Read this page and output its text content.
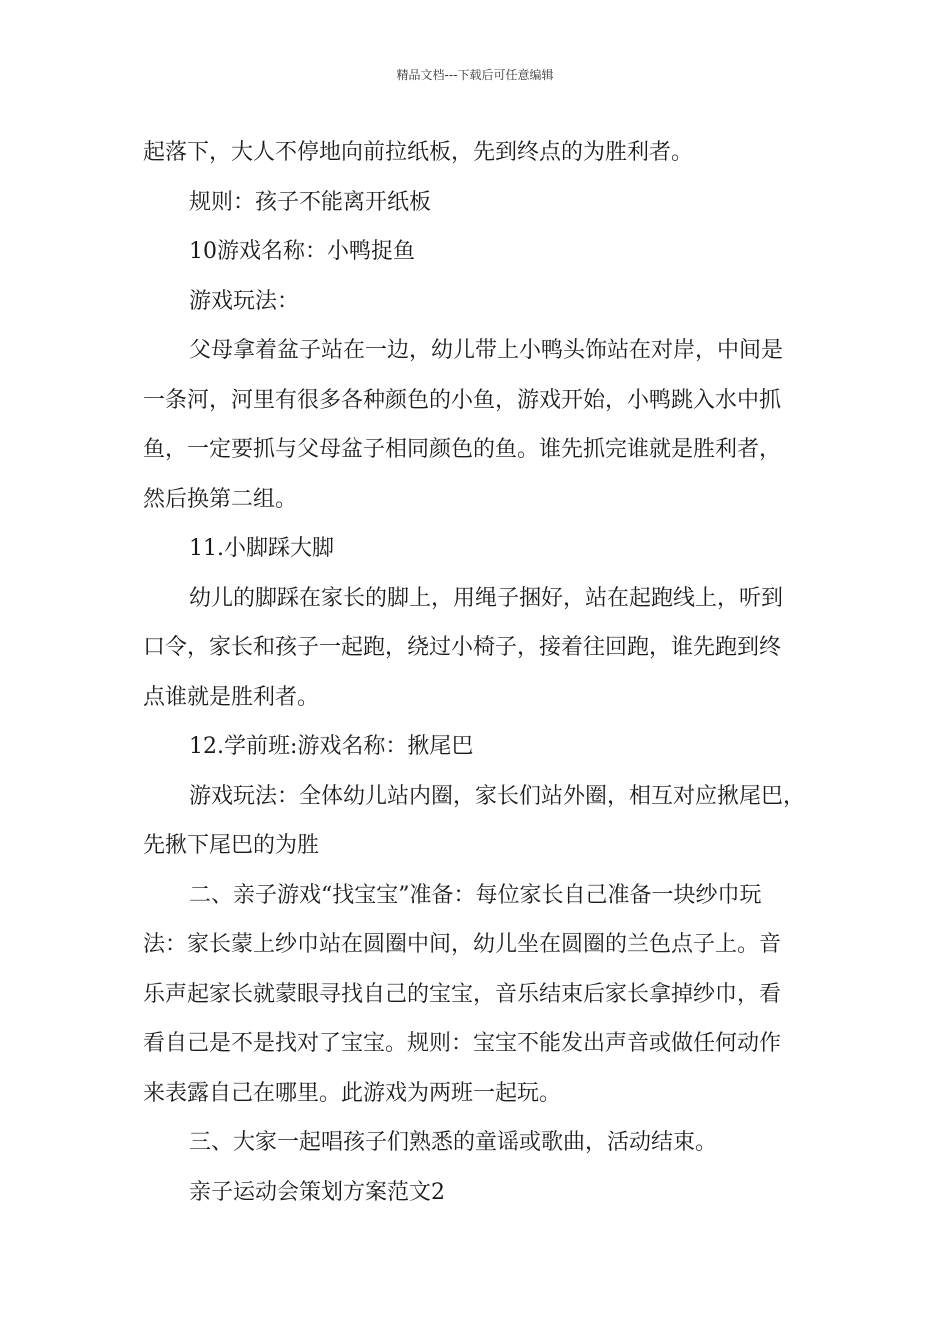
精品文档---下载后可任意编辑
起落下，大人不停地向前拉纸板，先到终点的为胜利者。
规则：孩子不能离开纸板
10游戏名称：小鸭捉鱼
游戏玩法：
父母拿着盆子站在一边，幼儿带上小鸭头饰站在对岸，中间是
一条河，河里有很多各种颜色的小鱼，游戏开始，小鸭跳入水中抓
鱼，一定要抓与父母盆子相同颜色的鱼。谁先抓完谁就是胜利者，
然后换第二组。
11.小脚踩大脚
幼儿的脚踩在家长的脚上，用绳子捆好，站在起跑线上，听到
口令，家长和孩子一起跑，绕过小椅子，接着往回跑，谁先跑到终
点谁就是胜利者。
12.学前班:游戏名称：揪尾巴
游戏玩法：全体幼儿站内圈，家长们站外圈，相互对应揪尾巴，
先揪下尾巴的为胜
二、亲子游戏“找宝宝”准备：每位家长自己准备一块纱巾玩
法：家长蒙上纱巾站在圆圈中间，幼儿坐在圆圈的兰色点子上。音
乐声起家长就蒙眼寻找自己的宝宝，音乐结束后家长拿掉纱巾，看
看自己是不是找对了宝宝。规则：宝宝不能发出声音或做任何动作
来表露自己在哪里。此游戏为两班一起玩。
三、大家一起唱孩子们熟悉的童谣或歌曲，活动结束。
亲子运动会策划方案范文2
